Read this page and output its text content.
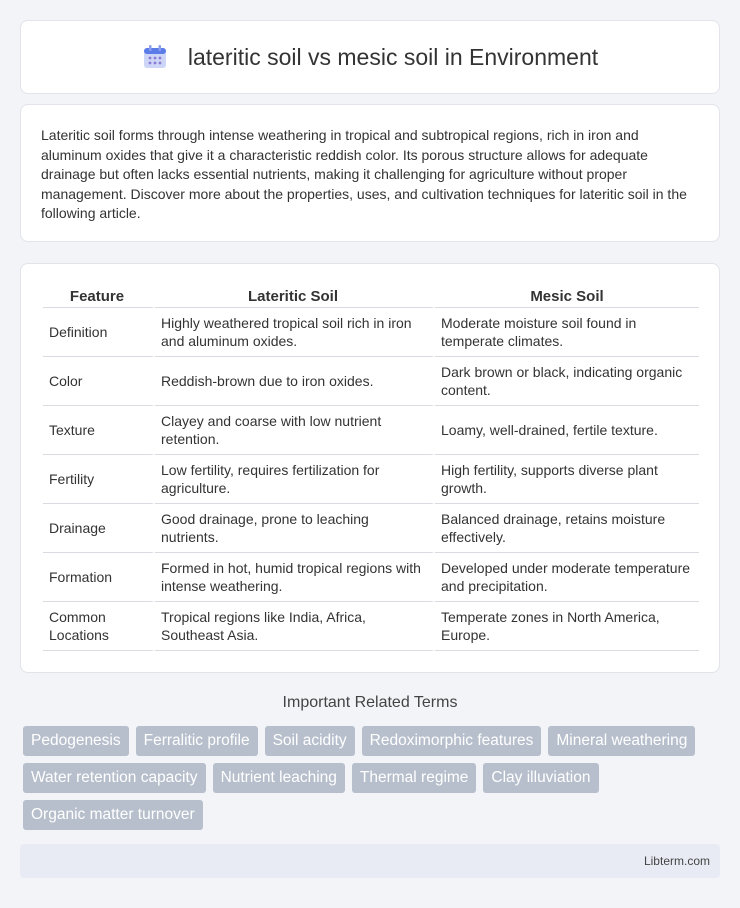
lateritic soil vs mesic soil in Environment

Lateritic soil forms through intense weathering in tropical and subtropical regions, rich in iron and aluminum oxides that give it a characteristic reddish color. Its porous structure allows for adequate drainage but often lacks essential nutrients, making it challenging for agriculture without proper management. Discover more about the properties, uses, and cultivation techniques for lateritic soil in the following article.

Feature	Lateritic Soil	Mesic Soil
Definition	Highly weathered tropical soil rich in iron and aluminum oxides.	Moderate moisture soil found in temperate climates.
Color	Reddish-brown due to iron oxides.	Dark brown or black, indicating organic content.
Texture	Clayey and coarse with low nutrient retention.	Loamy, well-drained, fertile texture.
Fertility	Low fertility, requires fertilization for agriculture.	High fertility, supports diverse plant growth.
Drainage	Good drainage, prone to leaching nutrients.	Balanced drainage, retains moisture effectively.
Formation	Formed in hot, humid tropical regions with intense weathering.	Developed under moderate temperature and precipitation.
Common Locations	Tropical regions like India, Africa, Southeast Asia.	Temperate zones in North America, Europe.
Important Related Terms
Pedogenesis	Ferralitic profile	Soil acidity	Redoximorphic features	Mineral weathering
Water retention capacity	Nutrient leaching	Thermal regime	Clay illuviation
Organic matter turnover
Libterm.com
